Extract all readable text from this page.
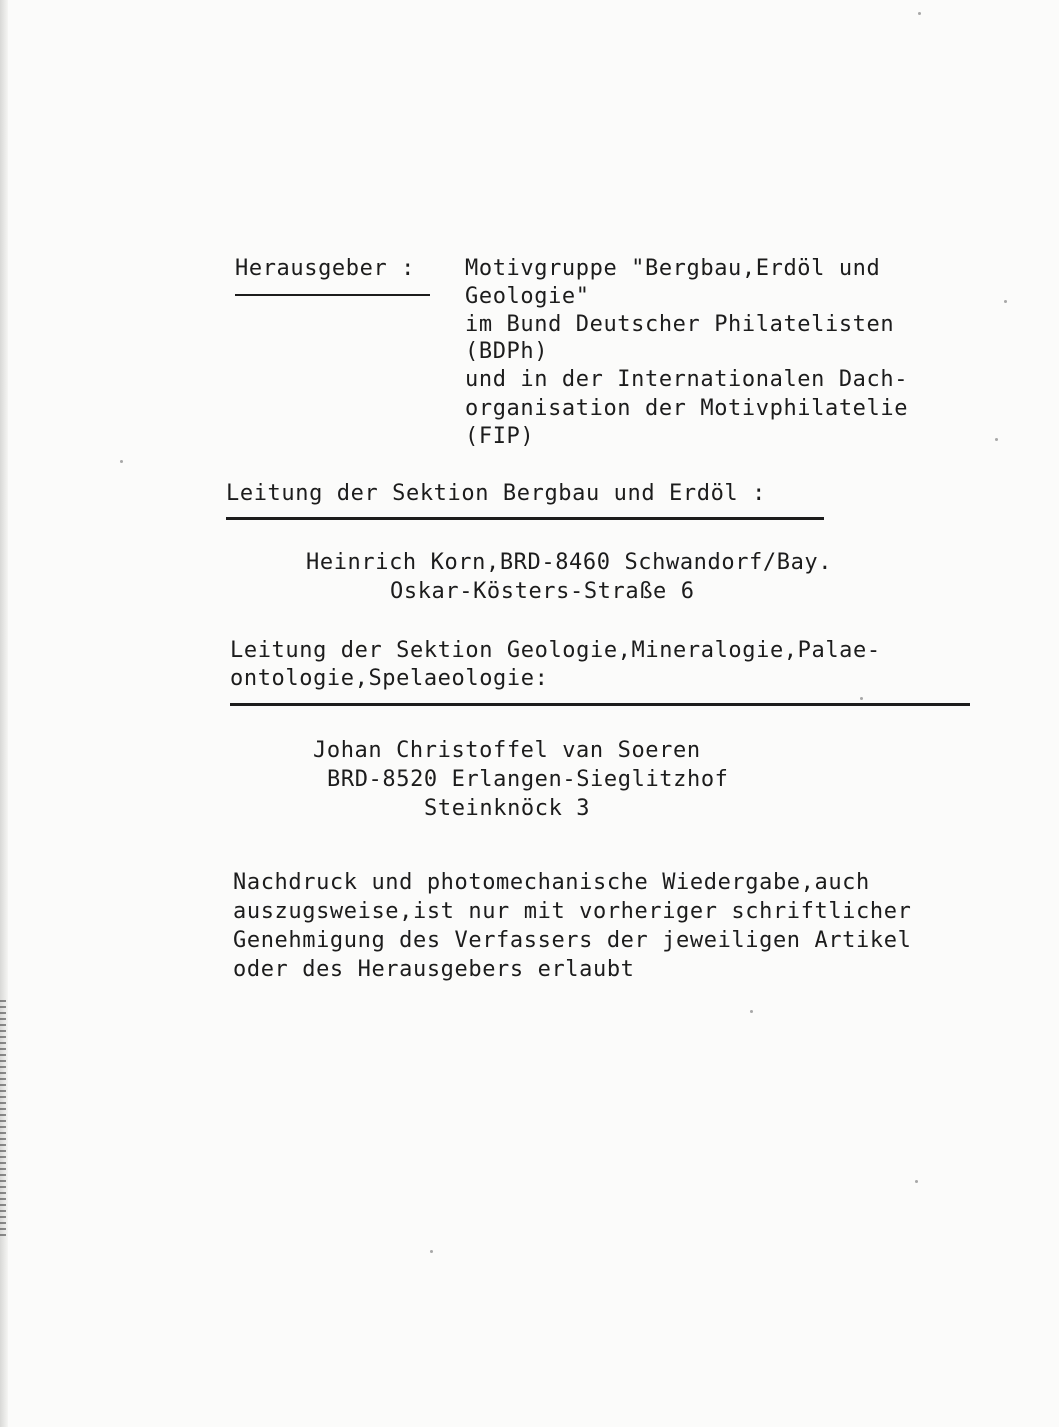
Herausgeber : Motivgruppe "Bergbau,Erdöl und
Geologie"
im Bund Deutscher Philatelisten
(BDPh)
und in der Internationalen Dach-
organisation der Motivphilatelie
(FIP)
Leitung der Sektion Bergbau und Erdöl :
Heinrich Korn,BRD-8460 Schwandorf/Bay.
Oskar-Kösters-Straße 6
Leitung der Sektion Geologie,Mineralogie,Palae-
ontologie,Spelaeologie:
Johan Christoffel van Soeren
BRD-8520 Erlangen-Sieglitzhof
Steinknöck 3
Nachdruck und photomechanische Wiedergabe,auch
auszugsweise,ist nur mit vorheriger schriftlicher
Genehmigung des Verfassers der jeweiligen Artikel
oder des Herausgebers erlaubt
